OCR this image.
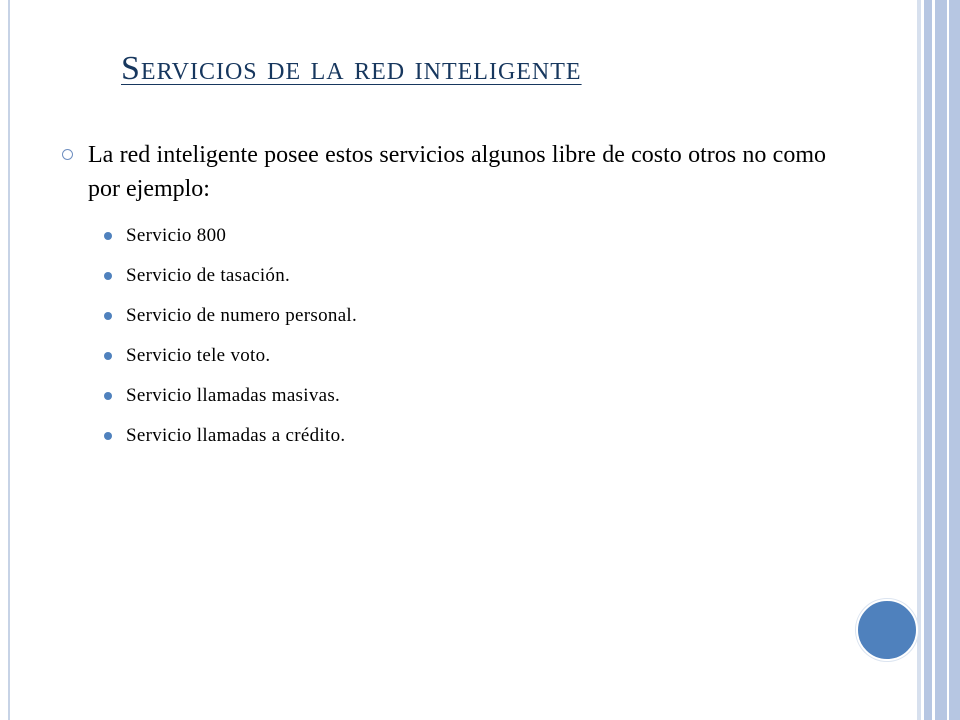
Servicios de la red inteligente
La red inteligente posee estos servicios algunos libre de costo otros no como por ejemplo:
Servicio 800
Servicio de tasación.
Servicio de numero personal.
Servicio tele voto.
Servicio llamadas masivas.
Servicio llamadas a crédito.
